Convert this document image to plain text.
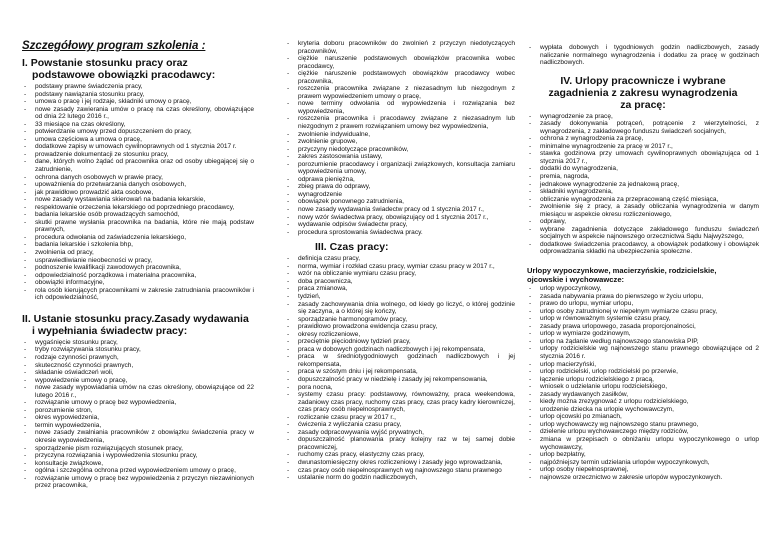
Szczegółowy program szkolenia :
I. Powstanie stosunku pracy oraz
podstawowe obowiązki pracodawcy:
- podstawy prawne świadczenia pracy,
- podstawy nawiązania stosunku pracy,
- umowa o pracę i jej rodzaje, składniki umowy o pracę,
- nowe zasady zawierania umów o pracę na czas określony, obowiązujące od dnia 22 lutego 2016 r.,
- 33 miesiące na czas określony,
- potwierdzanie umowy przed dopuszczeniem do pracy,
- umowa częściowa a umowa o pracę,
- dodatkowe zapisy w umowach cywilnoprawnych od 1 stycznia 2017 r.
- prowadzenie dokumentacji ze stosunku pracy,
- dane, których wolno żądać od pracownika oraz od osoby ubiegającej się o zatrudnienie,
- ochrona danych osobowych w prawie pracy,
- upoważnienia do przetwarzania danych osobowych,
- jak prawidłowo prowadzić akta osobowe,
- nowe zasady wystawiania skierowań na badania lekarskie,
- respektowanie orzeczenia lekarskiego od poprzedniego pracodawcy,
- badania lekarskie osób prowadzących samochód,
- skutki prawne wysłania pracownika na badania, które nie mają podstaw prawnych,
- procedura odwołania od zaświadczenia lekarskiego,
- badania lekarskie i szkolenia bhp,
- zwolnienia od pracy,
- usprawiedliwianie nieobecności w pracy,
- podnoszenie kwalifikacji zawodowych pracownika,
- odpowiedzialność porządkowa i materialna pracownika,
- obowiązki informacyjne,
- rola osób kierujących pracownikami w zakresie zatrudniania pracowników i ich odpowiedzialność,
II. Ustanie stosunku pracy.Zasady wydawania
i wypełniania świadectw pracy:
- wygaśnięcie stosunku pracy,
- tryby rozwiązywania stosunku pracy,
- rodzaje czynności prawnych,
- skuteczność czynności prawnych,
- składanie oświadczeń woli,
- wypowiedzenie umowy o pracę,
- nowe zasady wypowiadania umów na czas określony, obowiązujące od 22 lutego 2016 r.,
- rozwiązanie umowy o pracę bez wypowiedzenia,
- porozumienie stron,
- okres wypowiedzenia,
- termin wypowiedzenia,
- nowe zasady zwalniania pracowników z obowiązku świadczenia pracy w okresie wypowiedzenia,
- sporządzenie pism rozwiązujących stosunek pracy,
- przyczyna rozwiązania i wypowiedzenia stosunku pracy,
- konsultacje związkowe,
- ogólna i szczególna ochrona przed wypowiedzeniem umowy o pracę,
- rozwiązanie umowy o pracę bez wypowiedzenia z przyczyn niezawinionych przez pracownika,
- kryteria doboru pracowników do zwolnień z przyczyn niedotyczących pracowników,
- ciężkie naruszenie podstawowych obowiązków pracownika wobec pracodawcy,
- ciężkie naruszenie podstawowych obowiązków pracodawcy wobec pracownika,
- roszczenia pracownika związane z niezasadnym lub niezgodnym z prawem wypowiedzeniem umowy o pracę,
- nowe terminy odwołania od wypowiedzenia i rozwiązania bez wypowiedzenia,
- roszczenia pracownika i pracodawcy związane z niezasadnym lub niezgodnym z prawem rozwiązaniem umowy bez wypowiedzenia,
- zwolnienie indywidualne,
- zwolnienie grupowe,
- przyczyny niedotyczące pracowników,
- zakres zastosowania ustawy,
- porozumienie pracodawcy i organizacji związkowych, konsultacja zamiaru wypowiedzenia umowy,
- odprawa pieniężna,
- zbieg prawa do odprawy,
- wynagrodzenie
- obowiązek ponownego zatrudnienia,
- nowe zasady wydawania świadectw pracy od 1 stycznia 2017 r.,
- nowy wzór świadectwa pracy, obowiązujący od 1 stycznia 2017 r.,
- wydawanie odpisów świadectw pracy,
- procedura sprostowania świadectwa pracy.
III. Czas pracy:
- definicja czasu pracy,
- norma, wymiar i rozkład czasu pracy, wymiar czasu pracy w 2017 r.,
- wzór na obliczanie wymiaru czasu pracy,
- doba pracownicza,
- praca zmianowa,
- tydzień,
- zasady zachowywania dnia wolnego, od kiedy go liczyć, o której godzinie się zaczyna, a o której się kończy,
- sporządzanie harmonogramów pracy,
- prawidłowo prowadzona ewidencja czasu pracy,
- okresy rozliczeniowe,
- przeciętnie pięciodniowy tydzień pracy,
- praca w dobowych godzinach nadliczbowych i jej rekompensata,
- praca w średniotygodniowych godzinach nadliczbowych i jej rekompensata,
- praca w szóstym dniu i jej rekompensata,
- dopuszczalność pracy w niedzielę i zasady jej rekompensowania,
- pora nocna,
- systemy czasu pracy: podstawowy, równoważny, praca weekendowa, zadaniowy czas pracy, ruchomy czas pracy, czas pracy kadry kierowniczej, czas pracy osób niepełnosprawnych,
- rozliczanie czasu pracy w 2017 r.,
- ćwiczenia z wyliczania czasu pracy,
- zasady odpracowywania wyjść prywatnych,
- dopuszczalność planowania pracy kolejny raz w tej samej dobie pracowniczej,
- ruchomy czas pracy, elastyczny czas pracy,
- dwunastomiesięczny okres rozliczeniowy i zasady jego wprowadzania,
- czas pracy osób niepełnosprawnych wg najnowszego stanu prawnego
- ustalanie norm do godzin nadliczbowych,
- wypłata dobowych i tygodniowych godzin nadliczbowych, zasady naliczanie normalnego wynagrodzenia i dodatku za pracę w godzinach nadliczbowych.
IV. Urlopy pracownicze i wybrane
zagadnienia z zakresu wynagrodzenia
za pracę:
- wynagrodzenie za pracę,
- zasady dokonywania potrąceń, potrącenie z wierzytelności, z wynagrodzenia, z zakładowego funduszu świadczeń socjalnych,
- ochrona z wynagrodzenia za pracę,
- minimalne wynagrodzenie za pracę w 2017 r.,
- stawka godzinowa przy umowach cywilnoprawnych obowiązująca od 1 stycznia 2017 r.,
- dodatki do wynagrodzenia,
- premia, nagroda,
- jednakowe wynagrodzenie za jednakową pracę,
- składniki wynagrodzenia,
- obliczanie wynagrodzenia za przepracowaną część miesiąca,
- zwolnienie się z pracy, a zasady obliczania wynagrodzenia w danym miesiącu w aspekcie okresu rozliczeniowego,
- odprawy,
- wybrane zagadnienia dotyczące zakładowego funduszu świadczeń socjalnych w aspekcie najnowszego orzecznictwa Sądu Najwyższego,
- dodatkowe świadczenia pracodawcy, a obowiązek podatkowy i obowiązek odprowadzania składki na ubezpieczenia społeczne.
Urlopy wypoczynkowe, macierzyńskie, rodzicielskie,
ojcowskie i wychowawcze:
- urlop wypoczynkowy,
- zasada nabywania prawa do pierwszego w życiu urlopu,
- prawo do urlopu, wymiar urlopu,
- urlop osoby zatrudnionej w niepełnym wymiarze czasu pracy,
- urlop w równoważnym systemie czasu pracy,
- zasady prawa urlopowego, zasada proporcjonalności,
- urlop w wymiarze godzinowym,
- urlop na żądanie według najnowszego stanowiska PIP,
- urlopy rodzicielskie wg najnowszego stanu prawnego obowiązujące od 2 stycznia 2016 r.
- urlop macierzyński,
- urlop rodzicielski, urlop rodzicielski po przerwie,
- łączenie urlopu rodzicielskiego z pracą,
- wniosek o udzielanie urlopu rodzicielskiego,
- zasady wydawanych zasiłków,
- kiedy można zrezygnować z urlopu rodzicielskiego,
- urodzenie dziecka na urlopie wychowawczym,
- urlop ojcowski po zmianach,
- urlop wychowawczy wg najnowszego stanu prawnego,
- dzielenie urlopu wychowawczego między rodziców,
- zmiana w przepisach o obniżaniu urlopu wypoczynkowego o urlop wychowawczy,
- urlop bezpłatny,
- najpóźniejszy termin udzielania urlopów wypoczynkowych,
- urlop osoby niepełnosprawnej,
- najnowsze orzecznictwo w zakresie urlopów wypoczynkowych.
